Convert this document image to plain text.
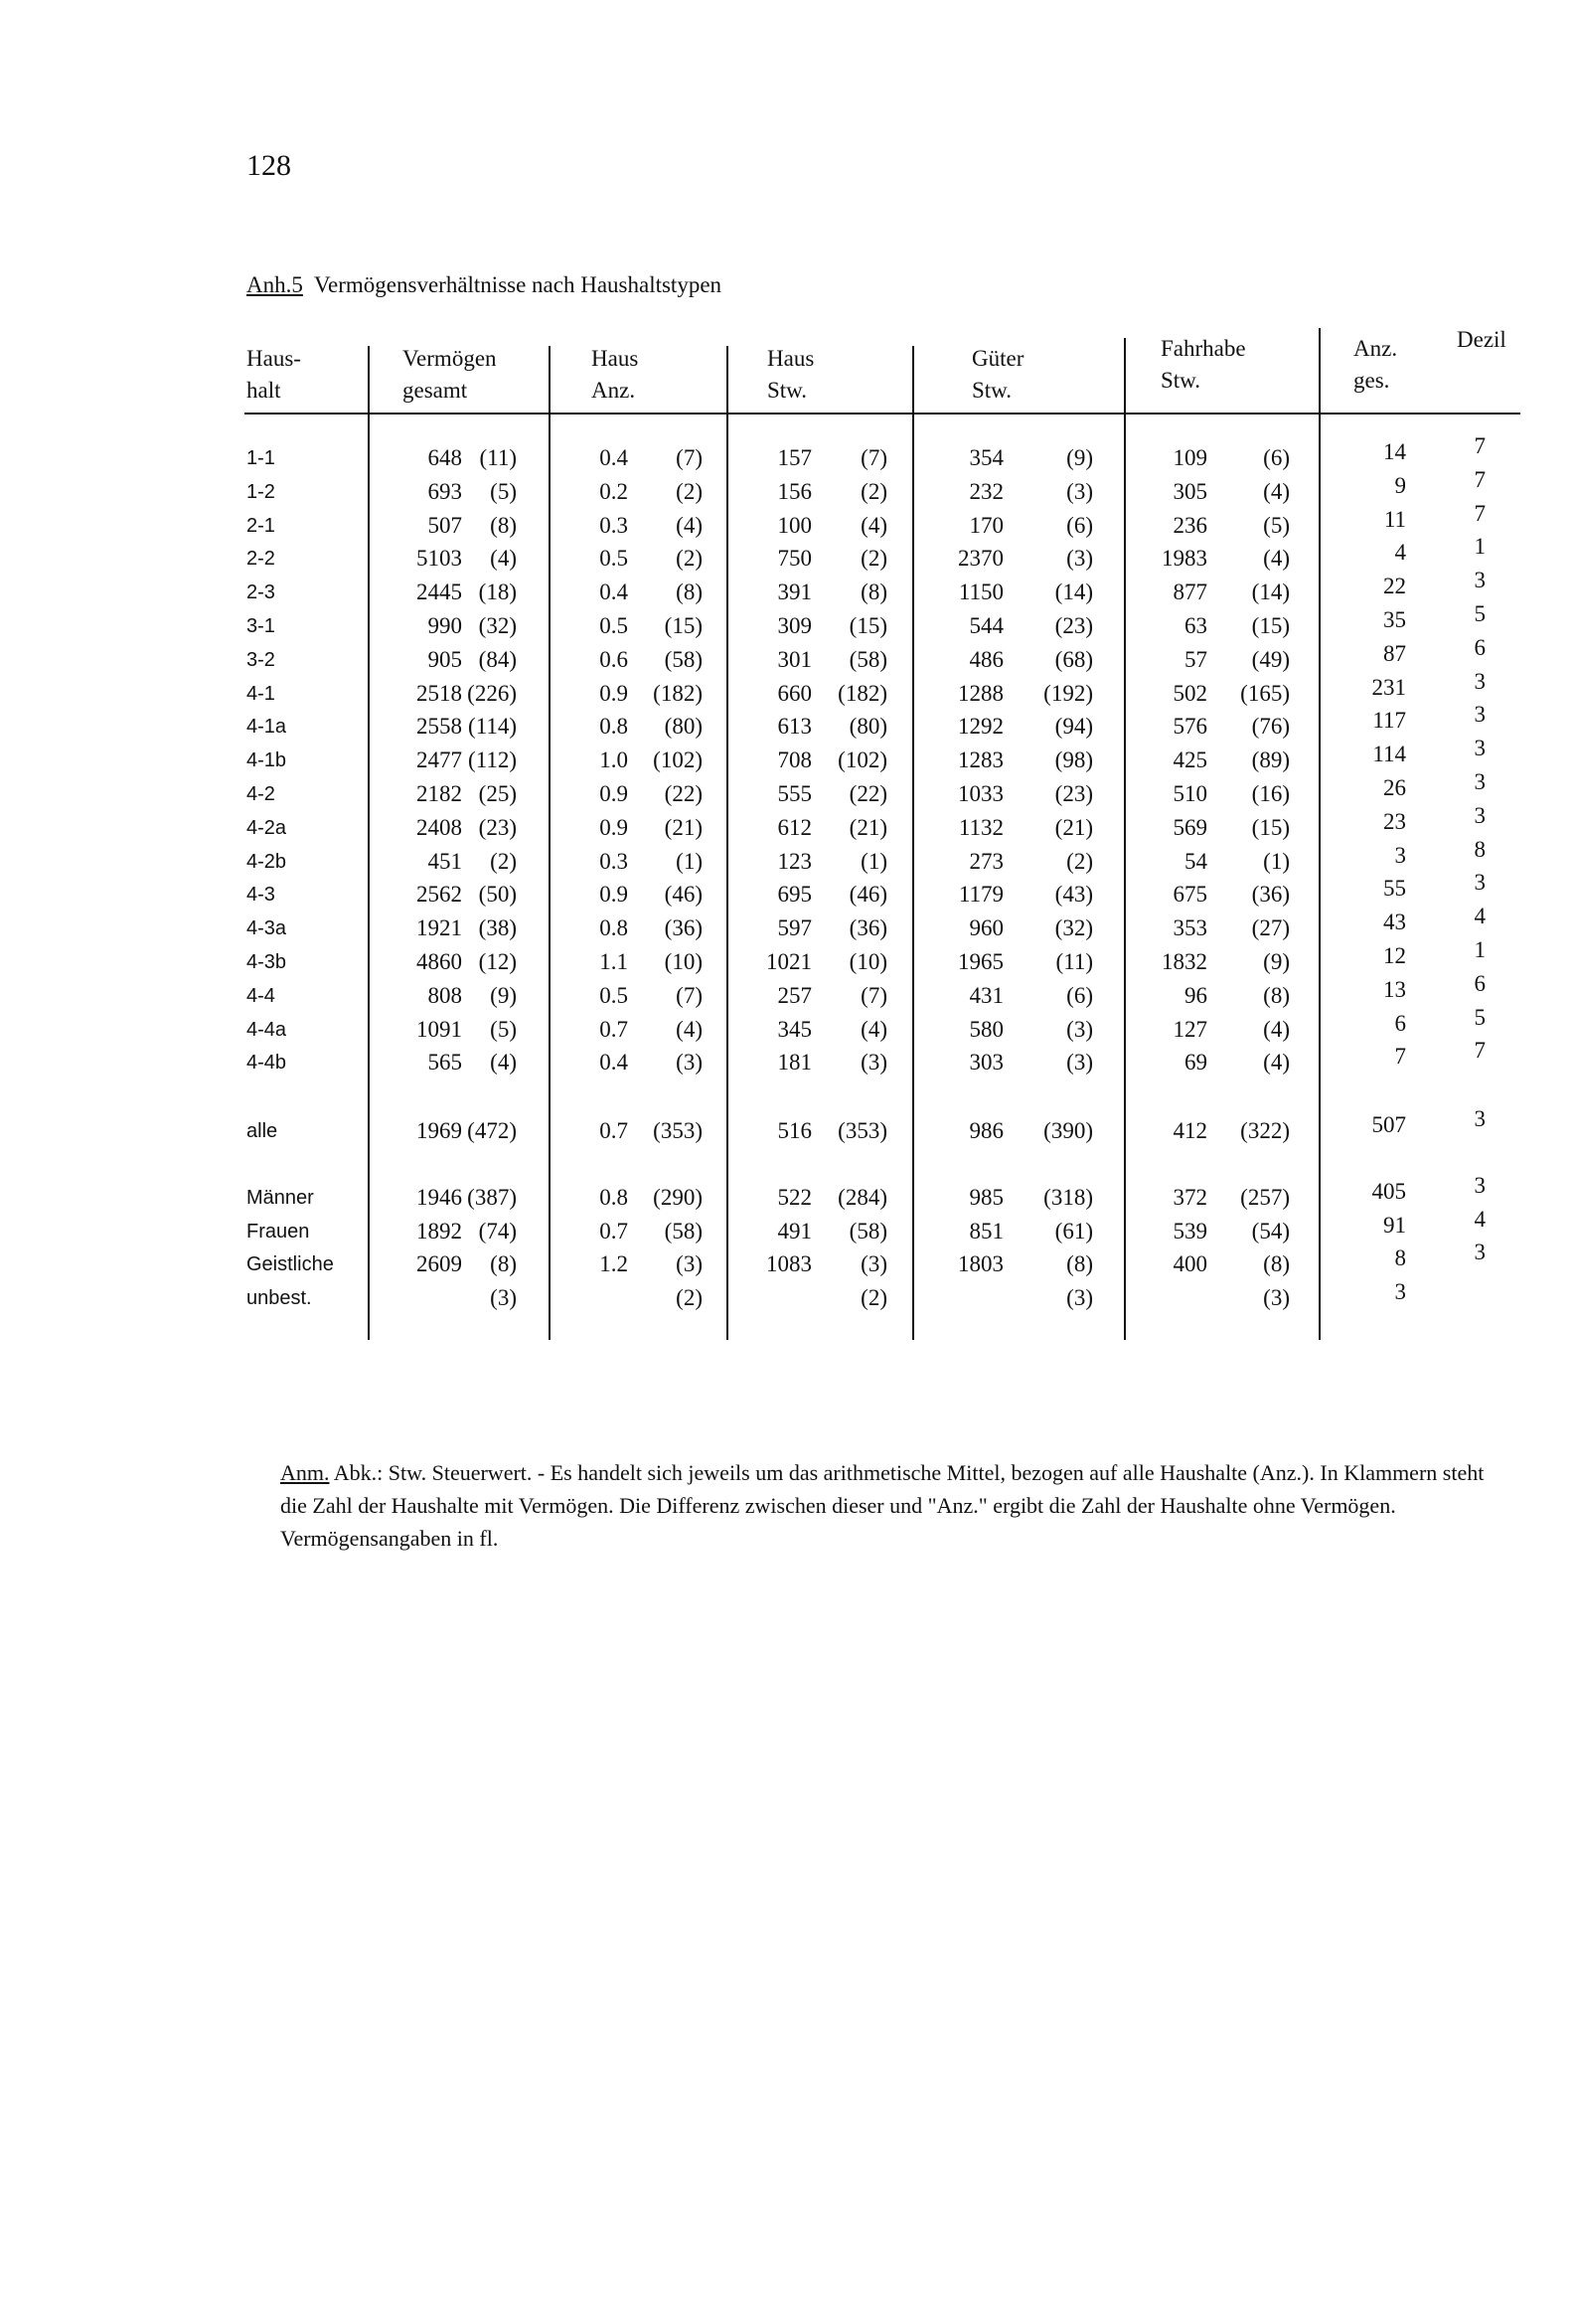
128
Anh.5 Vermögensverhältnisse nach Haushaltstypen
Haus-
halt
Vermögen
gesamt
Haus
Anz.
Haus
Stw.
Güter
Stw.
Fahrhabe
Stw.
Anz.
ges.
Dezil
1-1	648 (11)	0.4 (7)	157 (7)	354	(9)	109 (6)	14	7
1-2	693 (5)	0.2 (2)	156 (2)	232	(3)	305 (4)	9	7
2-1	507 (8)	0.3 (4)	100 (4)	170	(6)	236 (5)	11	7
2-2	5103 (4)	0.5 (2)	750 (2)	2370	(3)	1983 (4)	4	1
2-3	2445 (18)	0.4 (8)	391 (8)	1150 (14)	877 (14)	22	3
3-1	990 (32)	0.5 (15)	309 (15)	544 (23)	63 (15)	35	5
3-2	905 (84)	0.6 (58)	301 (58)	486 (68)	57 (49)	87	6
4-1	2518 (226)	0.9 (182)	660 (182)	1288 (192)	502 (165)	231	3
4-1a	2558 (114)	0.8 (80)	613 (80)	1292 (94)	576 (76)	117	3
4-1b	2477 (112)	1.0 (102)	708 (102)	1283 (98)	425 (89)	114	3
4-2	2182 (25)	0.9 (22)	555 (22)	1033 (23)	510 (16)	26	3
4-2a	2408 (23)	0.9 (21)	612 (21)	1132 (21)	569 (15)	23	3
4-2b	451 (2)	0.3 (1)	123 (1)	273	(2)	54 (1)	3	8
4-3	2562 (50)	0.9 (46)	695 (46)	1179 (43)	675 (36)	55	3
4-3a	1921 (38)	0.8 (36)	597 (36)	960 (32)	353 (27)	43	4
4-3b	4860 (12)	1.1 (10)	1021 (10)	1965 (11)	1832 (9)	12	1
4-4	808 (9)	0.5 (7)	257 (7)	431	(6)	96 (8)	13	6
4-4a	1091 (5)	0.7 (4)	345 (4)	580	(3)	127 (4)	6	5
4-4b	565 (4)	0.4 (3)	181 (3)	303	(3)	69 (4)	7	7
alle	1969 (472)	0.7 (353)	516 (353)	986 (390)	412 (322)	507	3
Männer	1946 (387)	0.8 (290)	522 (284)	985 (318)	372 (257)	405	3
Frauen	1892 (74)	0.7 (58)	491 (58)	851 (61)	539 (54)	91	4
Geistliche	2609 (8)	1.2 (3)	1083 (3)	1803	(8)	400 (8)	8	3
unbest.	(3)	(2)	(2)	(3)	(3)	3
Anm. Abk.: Stw. Steuerwert. - Es handelt sich jeweils um das arithmetische Mittel, bezogen auf alle Haushalte (Anz.). In Klammern steht die Zahl der Haushalte mit Vermögen. Die Differenz zwischen dieser und "Anz." ergibt die Zahl der Haushalte ohne Vermögen. Vermögensangaben in fl.
